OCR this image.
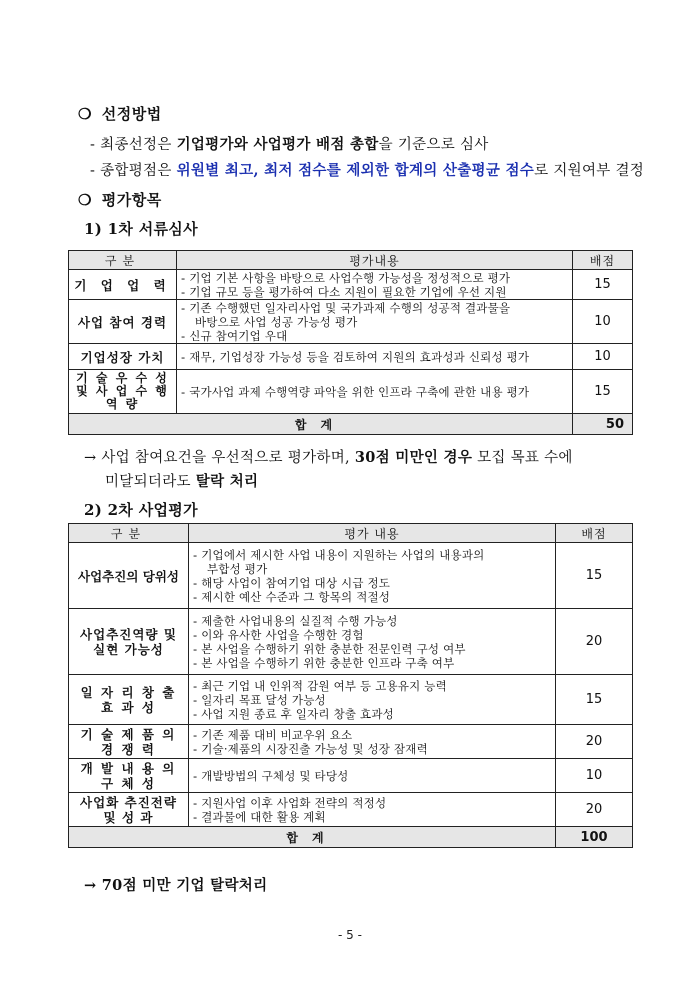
❍ 선정방법
- 최종선정은 기업평가와 사업평가 배점 총합을 기준으로 심사
- 종합평점은 위원별 최고, 최저 점수를 제외한 합계의 산출평균 점수로 지원여부 결정
❍ 평가항목
1) 1차 서류심사
구분	평가내용	배점
기 업 업 력	- 기업 기본 사항을 바탕으로 사업수행 가능성을 정성적으로 평가
- 기업 규모 등을 평가하여 다소 지원이 필요한 기업에 우선 지원	15
사업 참여 경력	- 기존 수행했던 일자리사업 및 국가과제 수행의 성공적 결과물을
바탕으로 사업 성공 가능성 평가
- 신규 참여기업 우대	10
기업성장 가치	- 재무, 기업성장 가능성 등을 검토하여 지원의 효과성과 신뢰성 평가	10
기 술 우 수 성 및 사 업 수 행 역 량	- 국가사업 과제 수행역량 파악을 위한 인프라 구축에 관한 내용 평가	15
합계		50
→ 사업 참여요건을 우선적으로 평가하며, 30점 미만인 경우 모집 목표 수에
미달되더라도 탈락 처리
2) 2차 사업평가
구분	평가 내용	배점
사업추진의 당위성	- 기업에서 제시한 사업 내용이 지원하는 사업의 내용과의
부합성 평가
- 해당 사업이 참여기업 대상 시급 정도
- 제시한 예산 수준과 그 항목의 적절성	15
사업추진역량 및 실현 가능성	- 제출한 사업내용의 실질적 수행 가능성
- 이와 유사한 사업을 수행한 경험
- 본 사업을 수행하기 위한 충분한 전문인력 구성 여부
- 본 사업을 수행하기 위한 충분한 인프라 구축 여부	20
일 자 리 창 출 효 과 성	- 최근 기업 내 인위적 감원 여부 등 고용유지 능력
- 일자리 목표 달성 가능성
- 사업 지원 종료 후 일자리 창출 효과성	15
기 술 제 품 의 경 쟁 력	- 기존 제품 대비 비교우위 요소
- 기술·제품의 시장진출 가능성 및 성장 잠재력	20
개 발 내 용 의 구 체 성	- 개발방법의 구체성 및 타당성	10
사업화 추진전략 및 성 과	- 지원사업 이후 사업화 전략의 적정성
- 결과물에 대한 활용 계획	20
합계		100
→ 70점 미만 기업 탈락처리
- 5 -
